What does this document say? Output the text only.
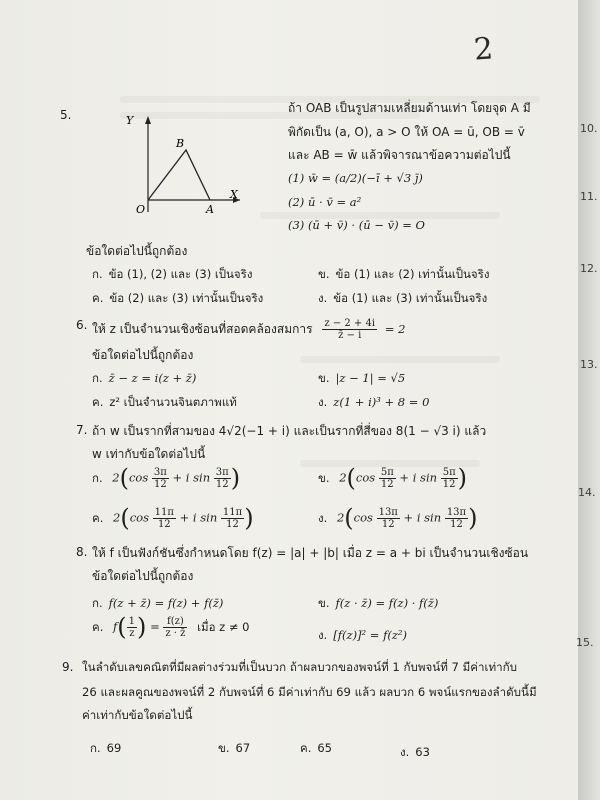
2
5.	Y
X
B
A
O
ถ้า OAB เป็นรูปสามเหลี่ยมด้านเท่า โดยจุด A มี
พิกัดเป็น (a, O), a > O ให้ OA = ū, OB = v̄
และ AB = w̄ แล้วพิจารณาข้อความต่อไปนี้
(1) w̄ = (a/2)(−ī + √3 j̄)
(2) ū · v̄ = a²
(3) (ū + v̄) · (ū − v̄) = O
ข้อใดต่อไปนี้ถูกต้อง
ก. ข้อ (1), (2) และ (3) เป็นจริง	ข. ข้อ (1) และ (2) เท่านั้นเป็นจริง
ค. ข้อ (2) และ (3) เท่านั้นเป็นจริง	ง. ข้อ (1) และ (3) เท่านั้นเป็นจริง
6. ให้ z เป็นจำนวนเชิงซ้อนที่สอดคล้องสมการ $\frac{z - 2 + 4i}{z̄ - i} = 2$
ข้อใดต่อไปนี้ถูกต้อง
ก. z̄ − z = i(z + z̄)	ข. |z − 1| = √5
ค. z² เป็นจำนวนจินตภาพแท้	ง. z(1 + i)³ + 8 = 0
7. ถ้า w เป็นรากที่สามของ 4√2(−1 + i) และเป็นรากที่สี่ของ 8(1 − √3 i) แล้ว
w เท่ากับข้อใดต่อไปนี้
ก. $2(\cos \frac{3\pi}{12} + i$ $\sin \frac{3\pi}{12}$ )	ข. $2(\cos \frac{5\pi}{12} + i$ $\sin \frac{5\pi}{12}$ )
ค. $2(\cos \frac{11\pi}{12} + i$ $\sin \frac{11\pi}{12}$ )	ง. $2(\cos \frac{13\pi}{12} + i$ $\sin \frac{13\pi}{12}$ )
8. ให้ f เป็นฟังก์ชันซึ่งกำหนดโดย f(z) = |a| + |b| เมื่อ z = a + bi เป็นจำนวนเชิงซ้อน
ข้อใดต่อไปนี้ถูกต้อง
ก. f(z + z̄) = f(z) + f(z̄)	ข. f(z · z̄) = f(z) · f(z̄)
ค. $f( \frac{1}{z}$ ) = $\frac{f(z)}{z \cdot z̄}$ เมื่อ z ≠ 0
ง. [f(z)]² = f(z²)
9. ในลำดับเลขคณิตที่มีผลต่างร่วมที่เป็นบวก ถ้าผลบวกของพจน์ที่ 1 กับพจน์ที่ 7 มีค่าเท่ากับ
26 และผลคูณของพจน์ที่ 2 กับพจน์ที่ 6 มีค่าเท่ากับ 69 แล้ว ผลบวก 6 พจน์แรกของลำดับนี้มี
ค่าเท่ากับข้อใดต่อไปนี้
ก. 69	ข. 67	ค. 65	ง. 63
10.
11.
12.
13.
14.
15.
